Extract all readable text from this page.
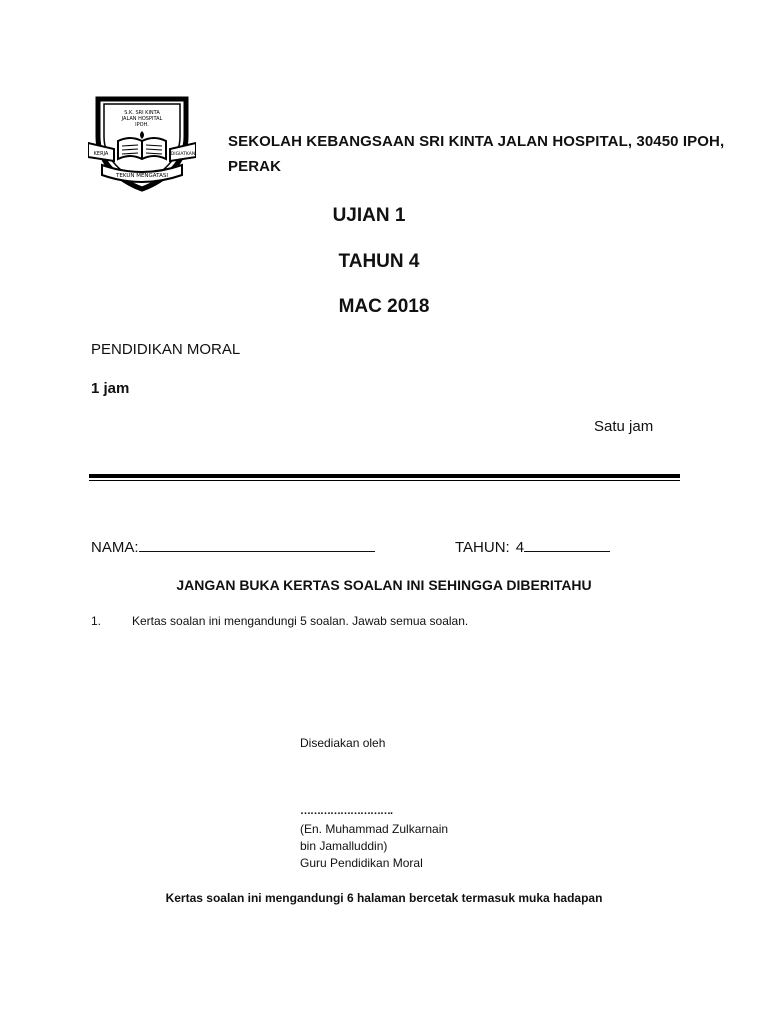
S.K. SRI KINTA
JALAN HOSPITAL
IPOH.
KERJA	DIGIATKAN
TEKUN MENGATASI
SEKOLAH KEBANGSAAN SRI KINTA JALAN HOSPITAL, 30450 IPOH,
PERAK
UJIAN 1
TAHUN 4
MAC 2018
PENDIDIKAN MORAL
1 jam
Satu jam
NAMA:	TAHUN: 4
JANGAN BUKA KERTAS SOALAN INI SEHINGGA DIBERITAHU
1.	Kertas soalan ini mengandungi 5 soalan. Jawab semua soalan.
Disediakan oleh
……………………….
(En. Muhammad Zulkarnain
bin Jamalluddin)
Guru Pendidikan Moral
Kertas soalan ini mengandungi 6 halaman bercetak termasuk muka hadapan
